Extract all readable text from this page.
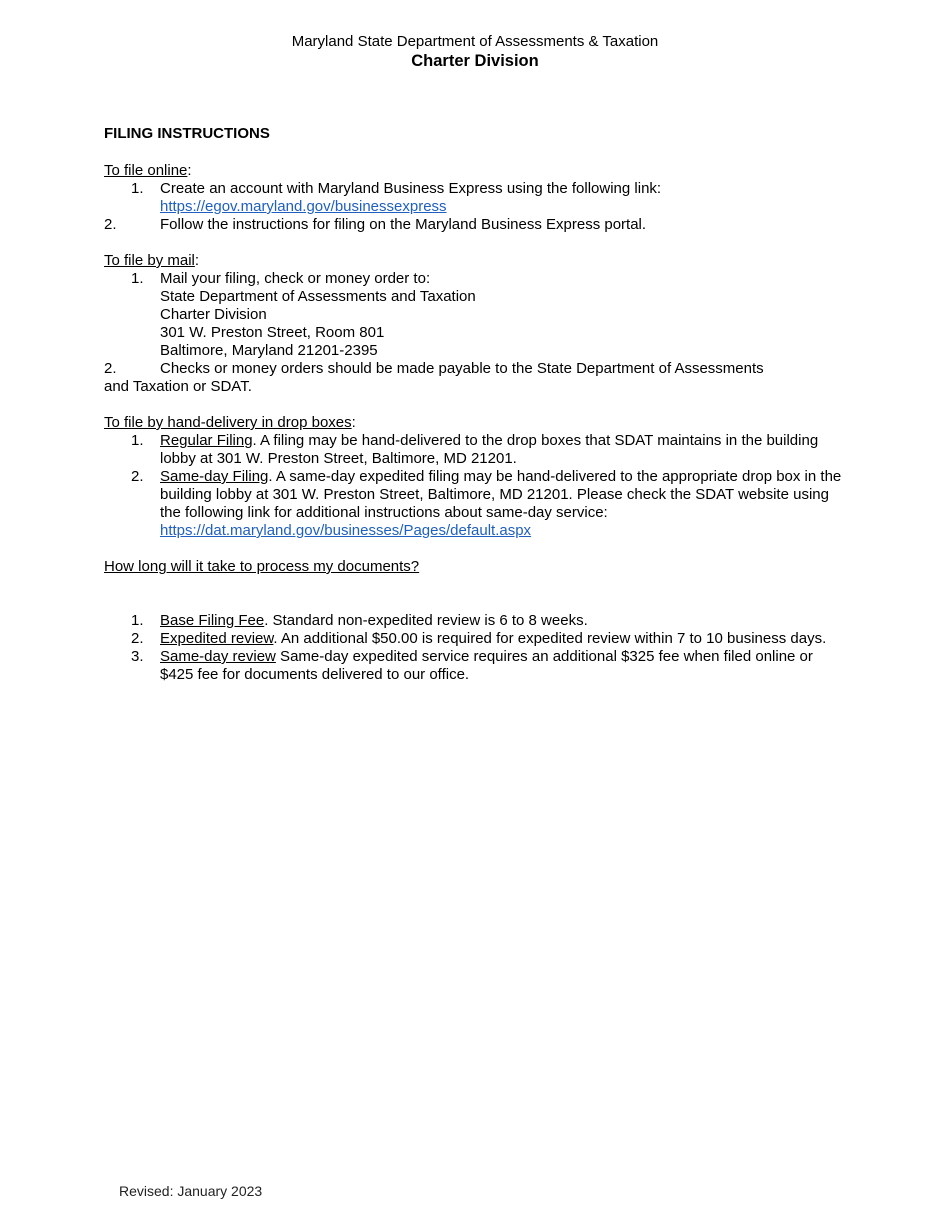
Maryland State Department of Assessments & Taxation
Charter Division
FILING INSTRUCTIONS
To file online:
1. Create an account with Maryland Business Express using the following link:
https://egov.maryland.gov/businessexpress
2.	Follow the instructions for filing on the Maryland Business Express portal.
To file by mail:
1. Mail your filing, check or money order to:
State Department of Assessments and Taxation
Charter Division
301 W. Preston Street, Room 801
Baltimore, Maryland 21201-2395
2.	Checks or money orders should be made payable to the State Department of Assessments
and Taxation or SDAT.
To file by hand-delivery in drop boxes:
1. Regular Filing. A filing may be hand-delivered to the drop boxes that SDAT maintains in the building lobby at 301 W. Preston Street, Baltimore, MD 21201.
2. Same-day Filing. A same-day expedited filing may be hand-delivered to the appropriate drop box in the building lobby at 301 W. Preston Street, Baltimore, MD 21201. Please check the SDAT website using the following link for additional instructions about same-day service:
https://dat.maryland.gov/businesses/Pages/default.aspx
How long will it take to process my documents?
1. Base Filing Fee. Standard non-expedited review is 6 to 8 weeks.
2. Expedited review. An additional $50.00 is required for expedited review within 7 to 10 business days.
3. Same-day review Same-day expedited service requires an additional $325 fee when filed online or $425 fee for documents delivered to our office.
Revised: January 2023
